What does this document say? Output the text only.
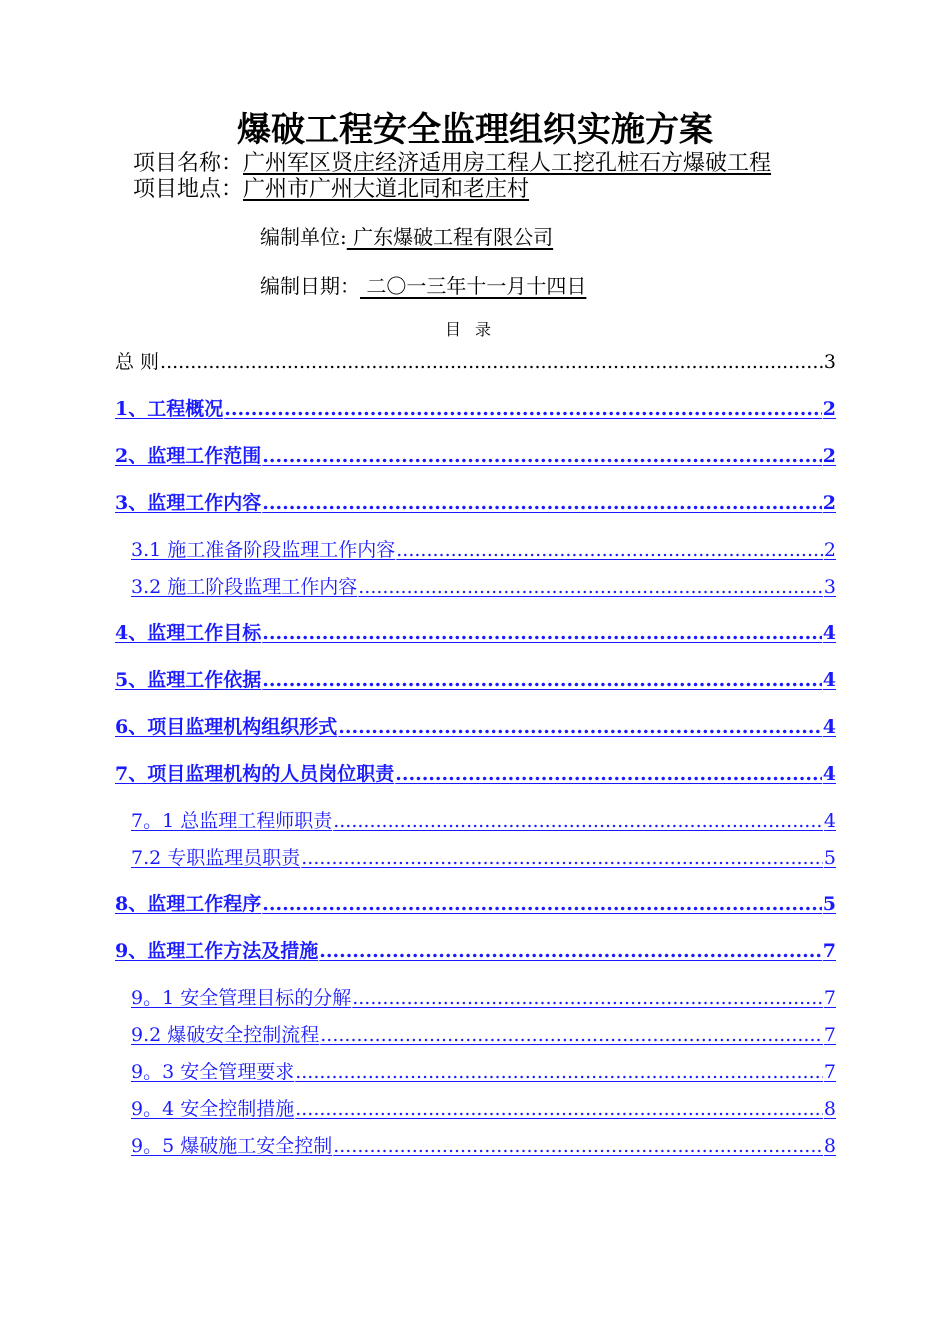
爆破工程安全监理组织实施方案
项目名称：广州军区贤庄经济适用房工程人工挖孔桩石方爆破工程
项目地点：广州市广州大道北同和老庄村
编制单位: 广东爆破工程有限公司
编制日期： 二〇一三年十一月十四日
目录
总 则 .....	3
1、工程概况 .....	2
2、监理工作范围 .....	2
3、监理工作内容 .....	2
3.1 施工准备阶段监理工作内容 .....	2
3.2 施工阶段监理工作内容 .....	3
4、监理工作目标 .....	4
5、监理工作依据 .....	4
6、项目监理机构组织形式 .....	4
7、项目监理机构的人员岗位职责 .....	4
7。1 总监理工程师职责 .....	4
7.2 专职监理员职责 .....	5
8、监理工作程序 .....	5
9、监理工作方法及措施 .....	7
9。1 安全管理目标的分解 .....	7
9.2 爆破安全控制流程 .....	7
9。3 安全管理要求 .....	7
9。4 安全控制措施 .....	8
9。5 爆破施工安全控制 .....	8
